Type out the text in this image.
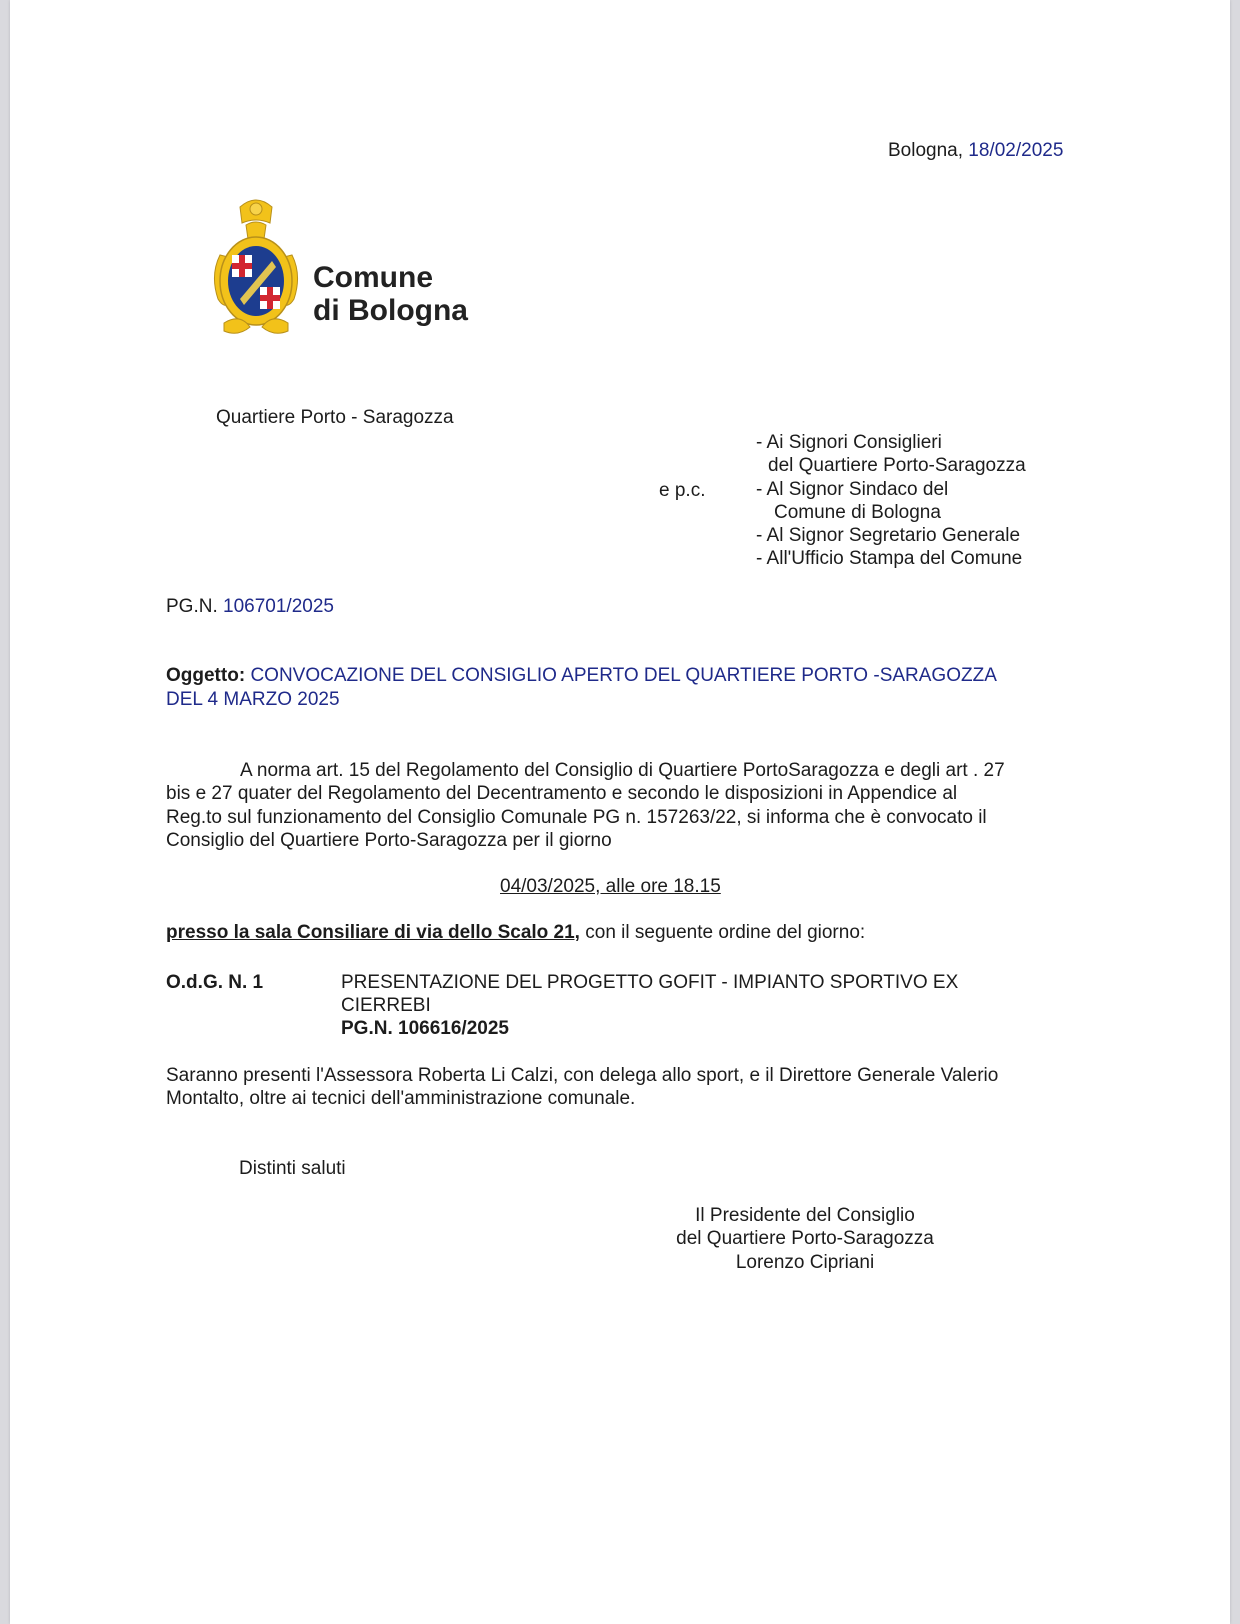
Bologna, 18/02/2025
Comune
di Bologna
Quartiere Porto - Saragozza
e p.c.
- Ai Signori Consiglieri
del Quartiere Porto-Saragozza
- Al Signor Sindaco del
Comune di Bologna
- Al Signor Segretario Generale
- All'Ufficio Stampa del Comune
PG.N. 106701/2025
Oggetto: CONVOCAZIONE DEL CONSIGLIO APERTO DEL QUARTIERE PORTO -SARAGOZZA
DEL 4 MARZO 2025
A norma art. 15 del Regolamento del Consiglio di Quartiere PortoSaragozza e degli art . 27
bis e 27 quater del Regolamento del Decentramento e secondo le disposizioni in Appendice al
Reg.to sul funzionamento del Consiglio Comunale PG n. 157263/22, si informa che è convocato il
Consiglio del Quartiere Porto-Saragozza per il giorno
04/03/2025, alle ore 18.15
presso la sala Consiliare di via dello Scalo 21, con il seguente ordine del giorno:
O.d.G. N. 1	PRESENTAZIONE DEL PROGETTO GOFIT - IMPIANTO SPORTIVO EX
CIERREBI
PG.N. 106616/2025
Saranno presenti l'Assessora Roberta Li Calzi, con delega allo sport, e il Direttore Generale Valerio
Montalto, oltre ai tecnici dell'amministrazione comunale.
Distinti saluti
Il Presidente del Consiglio
del Quartiere Porto-Saragozza
Lorenzo Cipriani
